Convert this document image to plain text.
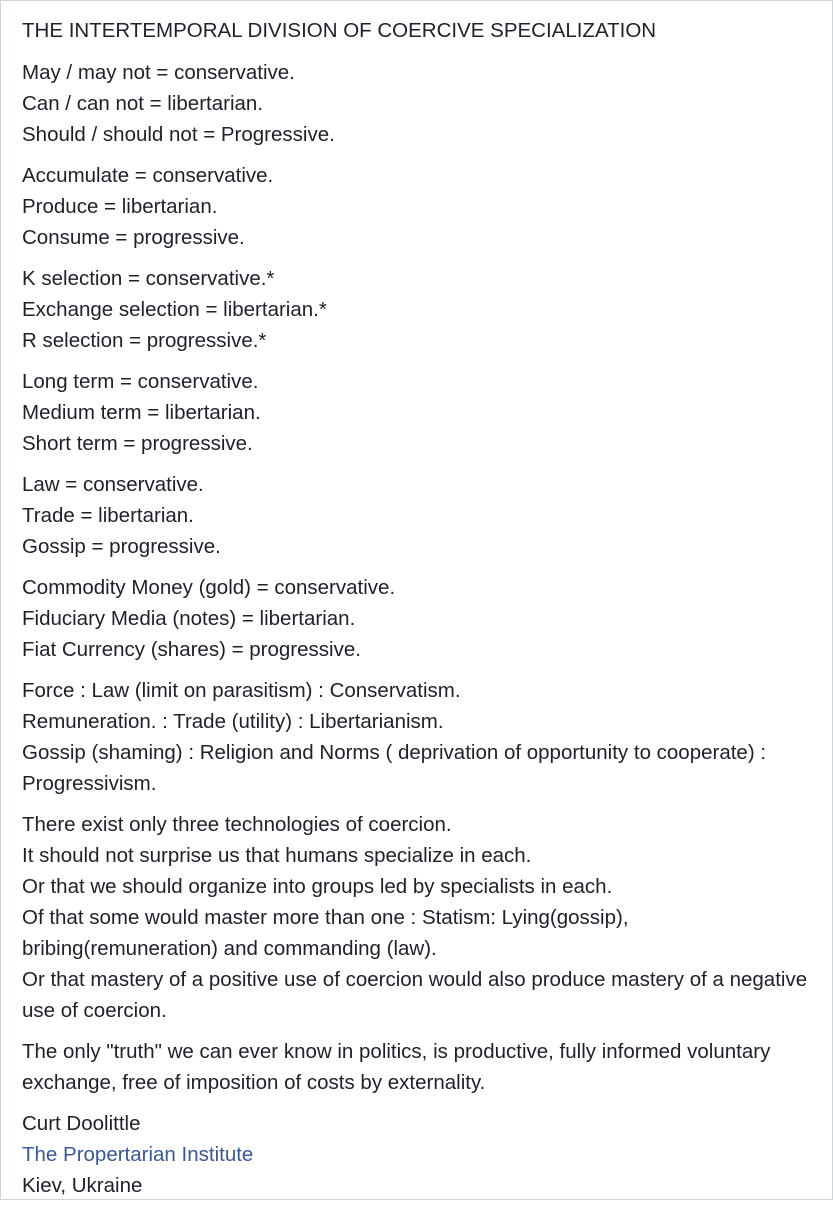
THE INTERTEMPORAL DIVISION OF COERCIVE SPECIALIZATION
May / may not = conservative.
Can / can not = libertarian.
Should / should not = Progressive.
Accumulate = conservative.
Produce = libertarian.
Consume = progressive.
K selection = conservative.*
Exchange selection = libertarian.*
R selection = progressive.*
Long term = conservative.
Medium term = libertarian.
Short term = progressive.
Law = conservative.
Trade = libertarian.
Gossip = progressive.
Commodity Money (gold) = conservative.
Fiduciary Media (notes) = libertarian.
Fiat Currency (shares) = progressive.
Force : Law (limit on parasitism) : Conservatism.
Remuneration. : Trade (utility) : Libertarianism.
Gossip (shaming) : Religion and Norms ( deprivation of opportunity to cooperate) : Progressivism.
There exist only three technologies of coercion.
It should not surprise us that humans specialize in each.
Or that we should organize into groups led by specialists in each.
Of that some would master more than one : Statism: Lying(gossip), bribing(remuneration) and commanding (law).
Or that mastery of a positive use of coercion would also produce mastery of a negative use of coercion.
The only "truth" we can ever know in politics, is productive, fully informed voluntary exchange, free of imposition of costs by externality.
Curt Doolittle
The Propertarian Institute
Kiev, Ukraine
